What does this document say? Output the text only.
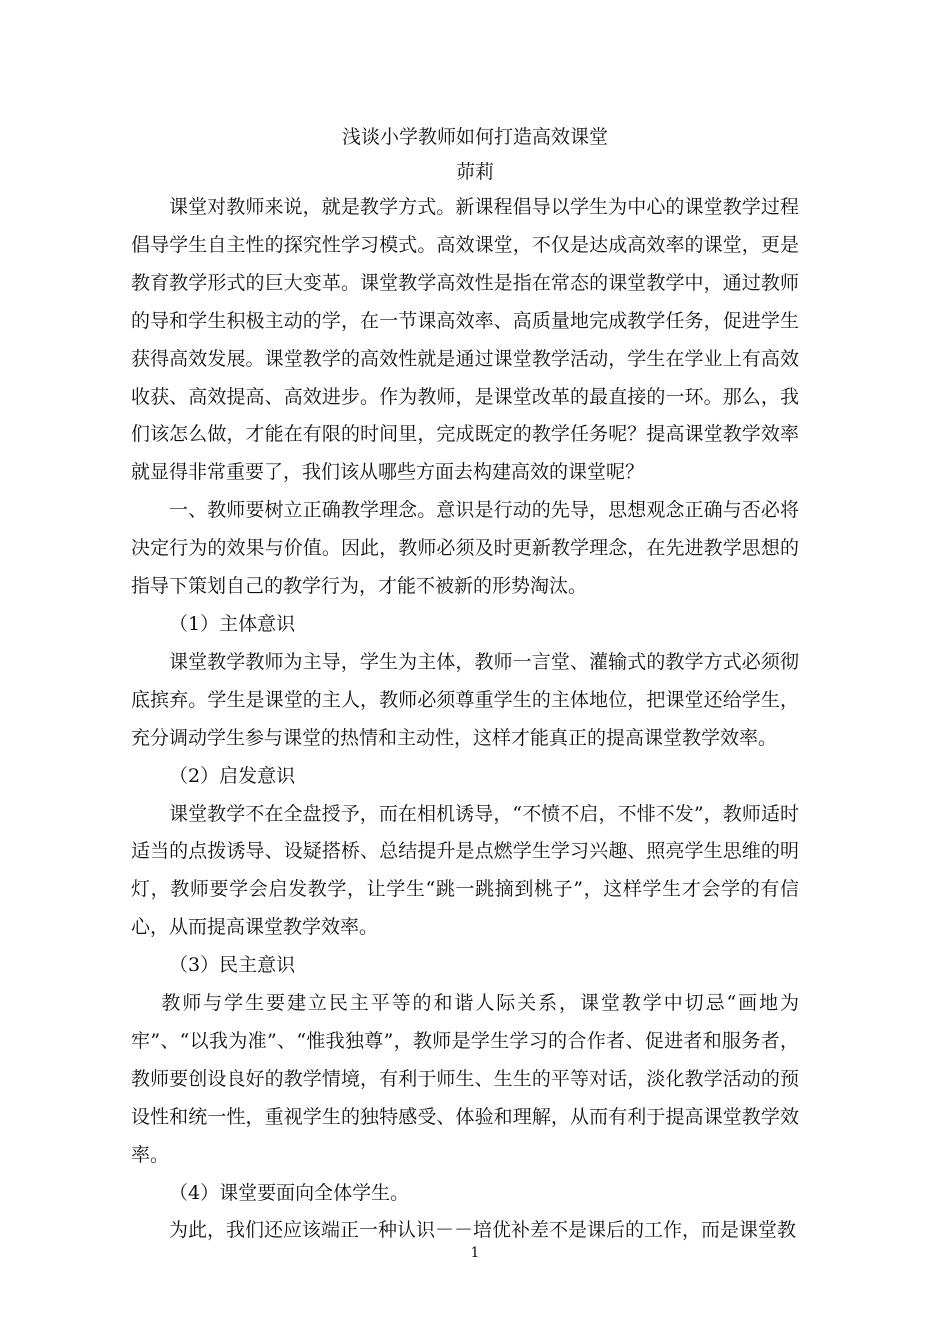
浅谈小学教师如何打造高效课堂
茆莉

课堂对教师来说，就是教学方式。新课程倡导以学生为中心的课堂教学过程倡导学生自主性的探究性学习模式。高效课堂，不仅是达成高效率的课堂，更是教育教学形式的巨大变革。课堂教学高效性是指在常态的课堂教学中，通过教师的导和学生积极主动的学，在一节课高效率、高质量地完成教学任务，促进学生获得高效发展。课堂教学的高效性就是通过课堂教学活动，学生在学业上有高效收获、高效提高、高效进步。作为教师，是课堂改革的最直接的一环。那么，我们该怎么做，才能在有限的时间里，完成既定的教学任务呢？提高课堂教学效率就显得非常重要了，我们该从哪些方面去构建高效的课堂呢？

一、教师要树立正确教学理念。意识是行动的先导，思想观念正确与否必将决定行为的效果与价值。因此，教师必须及时更新教学理念，在先进教学思想的指导下策划自己的教学行为，才能不被新的形势淘汰。

（1）主体意识

课堂教学教师为主导，学生为主体，教师一言堂、灌输式的教学方式必须彻底摈弃。学生是课堂的主人，教师必须尊重学生的主体地位，把课堂还给学生，充分调动学生参与课堂的热情和主动性，这样才能真正的提高课堂教学效率。

（2）启发意识

课堂教学不在全盘授予，而在相机诱导，“不愤不启，不悱不发”，教师适时适当的点拨诱导、设疑搭桥、总结提升是点燃学生学习兴趣、照亮学生思维的明灯，教师要学会启发教学，让学生“跳一跳摘到桃子”，这样学生才会学的有信心，从而提高课堂教学效率。

（3）民主意识

教师与学生要建立民主平等的和谐人际关系，课堂教学中切忌“画地为牢”、“以我为准”、“惟我独尊”，教师是学生学习的合作者、促进者和服务者，教师要创设良好的教学情境，有利于师生、生生的平等对话，淡化教学活动的预设性和统一性，重视学生的独特感受、体验和理解，从而有利于提高课堂教学效率。

（4）课堂要面向全体学生。

为此，我们还应该端正一种认识－－培优补差不是课后的工作，而是课堂教

1
